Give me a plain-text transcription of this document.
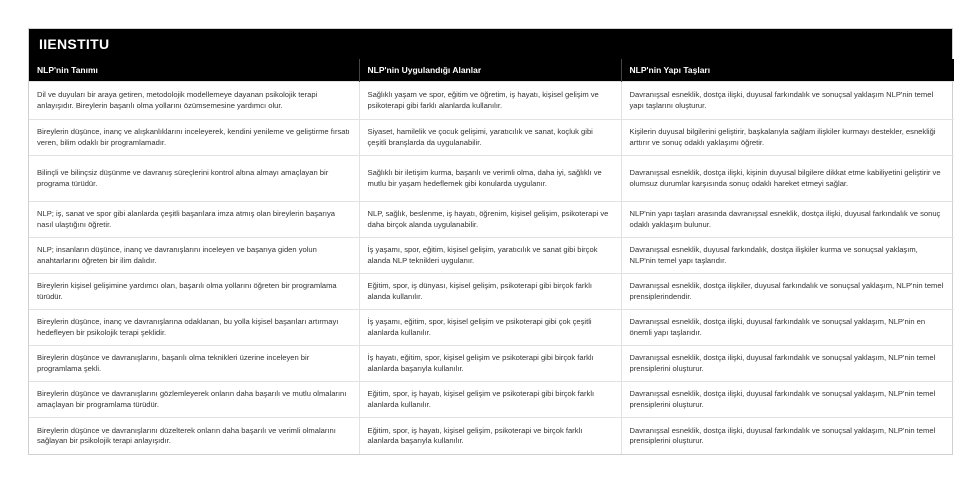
IIENSTITU
NLP'nin Tanımı	NLP'nin Uygulandığı Alanlar	NLP'nin Yapı Taşları
Dil ve duyuları bir araya getiren, metodolojik modellemeye dayanan psikolojik terapi anlayışıdır. Bireylerin başarılı olma yollarını özümsemesine yardımcı olur.	Sağlıklı yaşam ve spor, eğitim ve öğretim, iş hayatı, kişisel gelişim ve psikoterapi gibi farklı alanlarda kullanılır.	Davranışsal esneklik, dostça ilişki, duyusal farkındalık ve sonuçsal yaklaşım NLP'nin temel yapı taşlarını oluşturur.
Bireylerin düşünce, inanç ve alışkanlıklarını inceleyerek, kendini yenileme ve geliştirme fırsatı veren, bilim odaklı bir programlamadır.	Siyaset, hamilelik ve çocuk gelişimi, yaratıcılık ve sanat, koçluk gibi çeşitli branşlarda da uygulanabilir.	Kişilerin duyusal bilgilerini geliştirir, başkalarıyla sağlam ilişkiler kurmayı destekler, esnekliği arttırır ve sonuç odaklı yaklaşımı öğretir.
Bilinçli ve bilinçsiz düşünme ve davranış süreçlerini kontrol altına almayı amaçlayan bir programa türüdür.	Sağlıklı bir iletişim kurma, başarılı ve verimli olma, daha iyi, sağlıklı ve mutlu bir yaşam hedeflemek gibi konularda uygulanır.	Davranışsal esneklik, dostça ilişki, kişinin duyusal bilgilere dikkat etme kabiliyetini geliştirir ve olumsuz durumlar karşısında sonuç odaklı hareket etmeyi sağlar.
NLP; iş, sanat ve spor gibi alanlarda çeşitli başarılara imza atmış olan bireylerin başarıya nasıl ulaştığını öğretir.	NLP, sağlık, beslenme, iş hayatı, öğrenim, kişisel gelişim, psikoterapi ve daha birçok alanda uygulanabilir.	NLP'nin yapı taşları arasında davranışsal esneklik, dostça ilişki, duyusal farkındalık ve sonuç odaklı yaklaşım bulunur.
NLP; insanların düşünce, inanç ve davranışlarını inceleyen ve başarıya giden yolun anahtarlarını öğreten bir ilim dalıdır.	İş yaşamı, spor, eğitim, kişisel gelişim, yaratıcılık ve sanat gibi birçok alanda NLP teknikleri uygulanır.	Davranışsal esneklik, duyusal farkındalık, dostça ilişkiler kurma ve sonuçsal yaklaşım, NLP'nin temel yapı taşlarıdır.
Bireylerin kişisel gelişimine yardımcı olan, başarılı olma yollarını öğreten bir programlama türüdür.	Eğitim, spor, iş dünyası, kişisel gelişim, psikoterapi gibi birçok farklı alanda kullanılır.	Davranışsal esneklik, dostça ilişkiler, duyusal farkındalık ve sonuçsal yaklaşım, NLP'nin temel prensiplerindendir.
Bireylerin düşünce, inanç ve davranışlarına odaklanan, bu yolla kişisel başarıları artırmayı hedefleyen bir psikolojik terapi şeklidir.	İş yaşamı, eğitim, spor, kişisel gelişim ve psikoterapi gibi çok çeşitli alanlarda kullanılır.	Davranışsal esneklik, dostça ilişki, duyusal farkındalık ve sonuçsal yaklaşım, NLP'nin en önemli yapı taşlarıdır.
Bireylerin düşünce ve davranışlarını, başarılı olma teknikleri üzerine inceleyen bir programlama şekli.	İş hayatı, eğitim, spor, kişisel gelişim ve psikoterapi gibi birçok farklı alanlarda başarıyla kullanılır.	Davranışsal esneklik, dostça ilişki, duyusal farkındalık ve sonuçsal yaklaşım, NLP'nin temel prensiplerini oluşturur.
Bireylerin düşünce ve davranışlarını gözlemleyerek onların daha başarılı ve mutlu olmalarını amaçlayan bir programlama türüdür.	Eğitim, spor, iş hayatı, kişisel gelişim ve psikoterapi gibi birçok farklı alanlarda kullanılır.	Davranışsal esneklik, dostça ilişki, duyusal farkındalık ve sonuçsal yaklaşım, NLP'nin temel prensiplerini oluşturur.
Bireylerin düşünce ve davranışlarını düzelterek onların daha başarılı ve verimli olmalarını sağlayan bir psikolojik terapi anlayışıdır.	Eğitim, spor, iş hayatı, kişisel gelişim, psikoterapi ve birçok farklı alanlarda başarıyla kullanılır.	Davranışsal esneklik, dostça ilişki, duyusal farkındalık ve sonuçsal yaklaşım, NLP'nin temel prensiplerini oluşturur.
